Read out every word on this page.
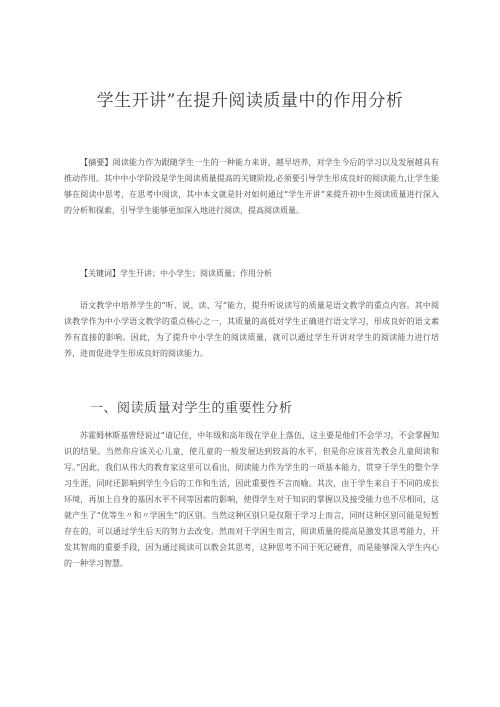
学生开讲”在提升阅读质量中的作用分析
【摘要】阅读能力作为跟随学生一生的一种能力来讲，越早培养，对学生今后的学习以及发展越具有推动作用。其中中小学阶段是学生阅读质量提高的关键阶段,必须要引导学生形成良好的阅读能力,让学生能够在阅读中思考，在思考中阅读，其中本文就是针对如何通过“学生开讲”来提升初中生阅读质量进行深入的分析和探索，引导学生能够更加深入地进行阅读，提高阅读质量。
【关键词】学生开讲；中小学生；阅读质量；作用分析
语文教学中培养学生的“听、说、读、写”能力，提升听说读写的质量是语文教学的重点内容。其中阅读教学作为中小学语文教学的重点核心之一，其质量的高低对学生正确进行语文学习，形成良好的语文素养有直接的影响。因此，为了提升中小学生的阅读质量，就可以通过学生开讲对学生的阅读能力进行培养，进而促进学生形成良好的阅读能力。
一、阅读质量对学生的重要性分析
苏霍姆林斯基曾经说过“请记住，中年级和高年级在学业上落伍，这主要是他们不会学习，不会掌握知识的结果。当然你应该关心儿童，使儿童的一般发展达到较高的水平，但是你应该首先教会儿童阅读和写。”因此，我们从伟大的教育家这里可以看出，阅读能力作为学生的一项基本能力，贯穿于学生的整个学习生涯，同时还影响到学生今后的工作和生活，因此重要性不言而喻。其次，由于学生来自于不同的成长环境，再加上自身的基因水平不同等因素的影响，使得学生对于知识的掌握以及接受能力也不尽相同，这就产生了“优等生〃和〃学困生”的区别。当然这种区别只是仅限于学习上而言，同时这种区别可能是短暂存在的，可以通过学生后天的努力去改变。然而对于学困生而言，阅读质量的提高是激发其思考能力，开发其智商的重要手段，因为通过阅读可以教会其思考，这种思考不同于死记硬背，而是能够深入学生内心的一种学习智慧。
